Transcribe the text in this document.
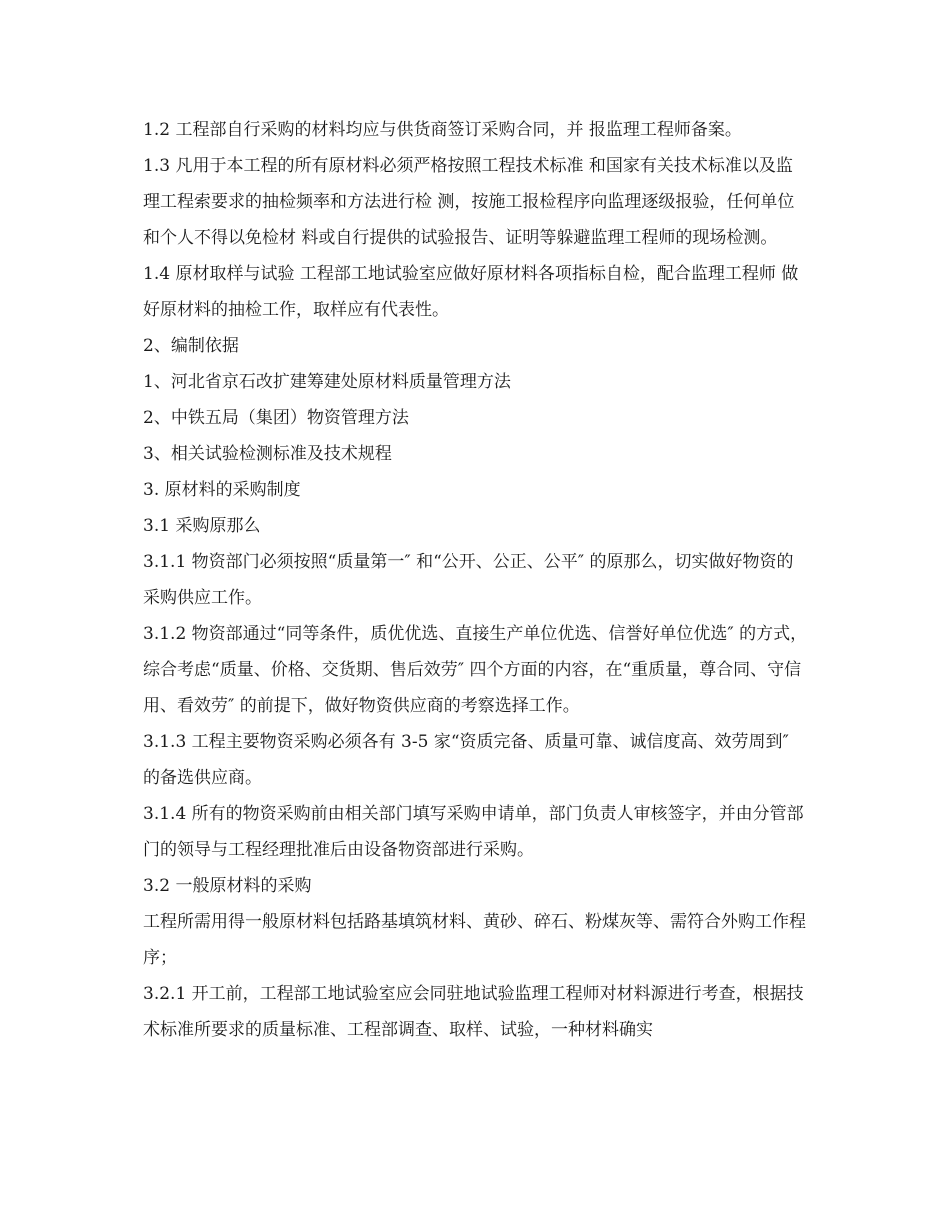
1.2 工程部自行采购的材料均应与供货商签订采购合同，并 报监理工程师备案。

1.3 凡用于本工程的所有原材料必须严格按照工程技术标准 和国家有关技术标准以及监理工程索要求的抽检频率和方法进行检 测，按施工报检程序向监理逐级报验，任何单位和个人不得以免检材 料或自行提供的试验报告、证明等躲避监理工程师的现场检测。

1.4 原材取样与试验 工程部工地试验室应做好原材料各项指标自检，配合监理工程师 做好原材料的抽检工作，取样应有代表性。

2、编制依据

1、河北省京石改扩建筹建处原材料质量管理方法

2、中铁五局（集团）物资管理方法

3、相关试验检测标准及技术规程

3. 原材料的采购制度

3.1 采购原那么

3.1.1 物资部门必须按照“质量第一″ 和“公开、公正、公平″ 的原那么，切实做好物资的采购供应工作。

3.1.2 物资部通过“同等条件，质优优选、直接生产单位优选、信誉好单位优选″ 的方式，综合考虑“质量、价格、交货期、售后效劳″ 四个方面的内容，在“重质量，尊合同、守信用、看效劳″ 的前提下，做好物资供应商的考察选择工作。

3.1.3 工程主要物资采购必须各有 3-5 家“资质完备、质量可靠、诚信度高、效劳周到″ 的备选供应商。

3.1.4 所有的物资采购前由相关部门填写采购申请单，部门负责人审核签字，并由分管部门的领导与工程经理批准后由设备物资部进行采购。

3.2 一般原材料的采购

工程所需用得一般原材料包括路基填筑材料、黄砂、碎石、粉煤灰等、需符合外购工作程序；

3.2.1 开工前，工程部工地试验室应会同驻地试验监理工程师对材料源进行考查，根据技术标准所要求的质量标准、工程部调查、取样、试验，一种材料确实
